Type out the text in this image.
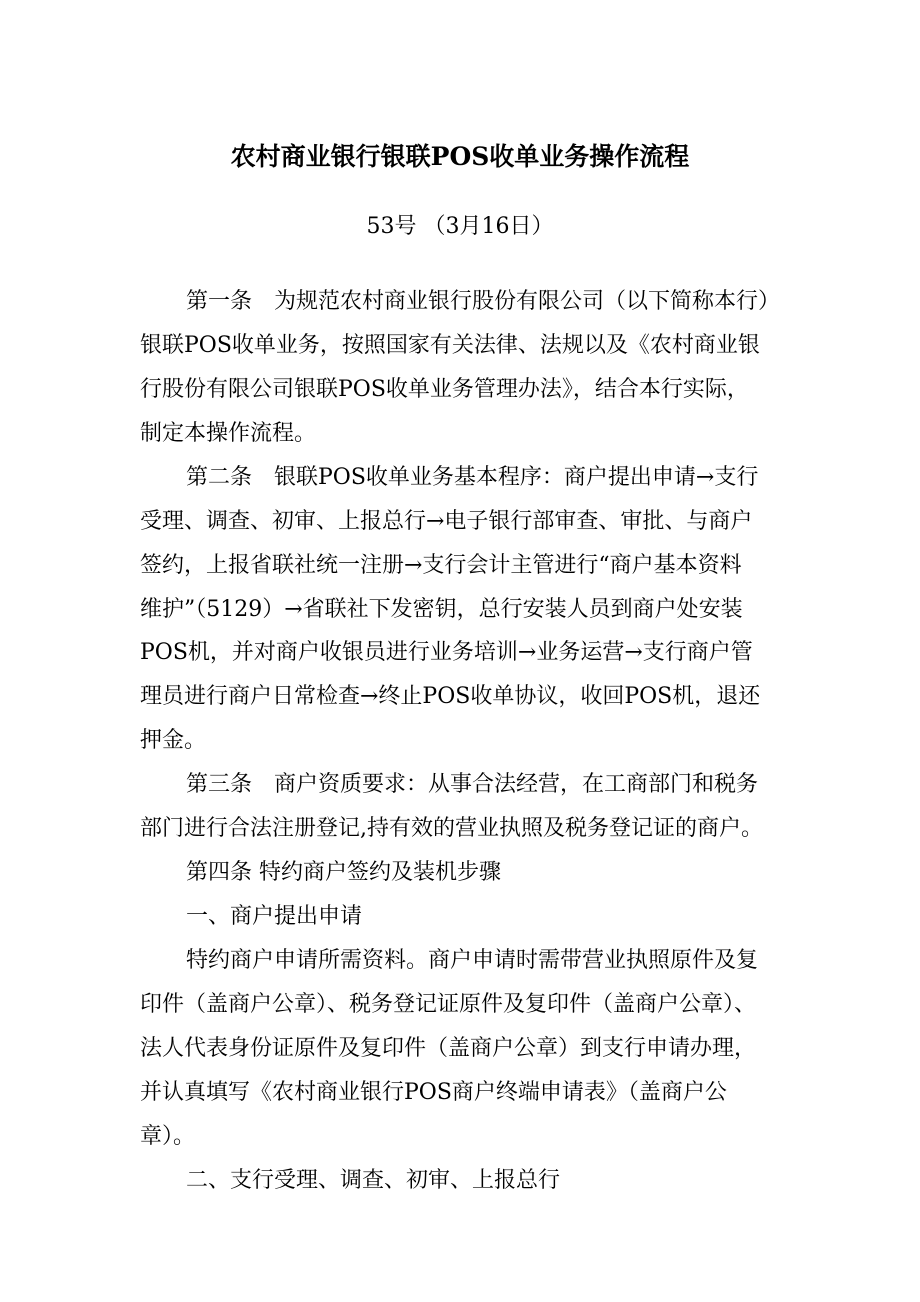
农村商业银行银联POS收单业务操作流程
53号 （3月16日）
第一条　为规范农村商业银行股份有限公司（以下简称本行）
银联POS收单业务，按照国家有关法律、法规以及《农村商业银
行股份有限公司银联POS收单业务管理办法》，结合本行实际，
制定本操作流程。
第二条　银联POS收单业务基本程序：商户提出申请→支行
受理、调查、初审、上报总行→电子银行部审查、审批、与商户
签约，上报省联社统一注册→支行会计主管进行“商户基本资料
维护”（5129）→省联社下发密钥，总行安装人员到商户处安装
POS机，并对商户收银员进行业务培训→业务运营→支行商户管
理员进行商户日常检查→终止POS收单协议，收回POS机，退还
押金。
第三条　商户资质要求：从事合法经营，在工商部门和税务
部门进行合法注册登记,持有效的营业执照及税务登记证的商户。
第四条 特约商户签约及装机步骤
一、商户提出申请
特约商户申请所需资料。商户申请时需带营业执照原件及复
印件（盖商户公章）、税务登记证原件及复印件（盖商户公章）、
法人代表身份证原件及复印件（盖商户公章）到支行申请办理，
并认真填写《农村商业银行POS商户终端申请表》（盖商户公
章）。
二、支行受理、调查、初审、上报总行
